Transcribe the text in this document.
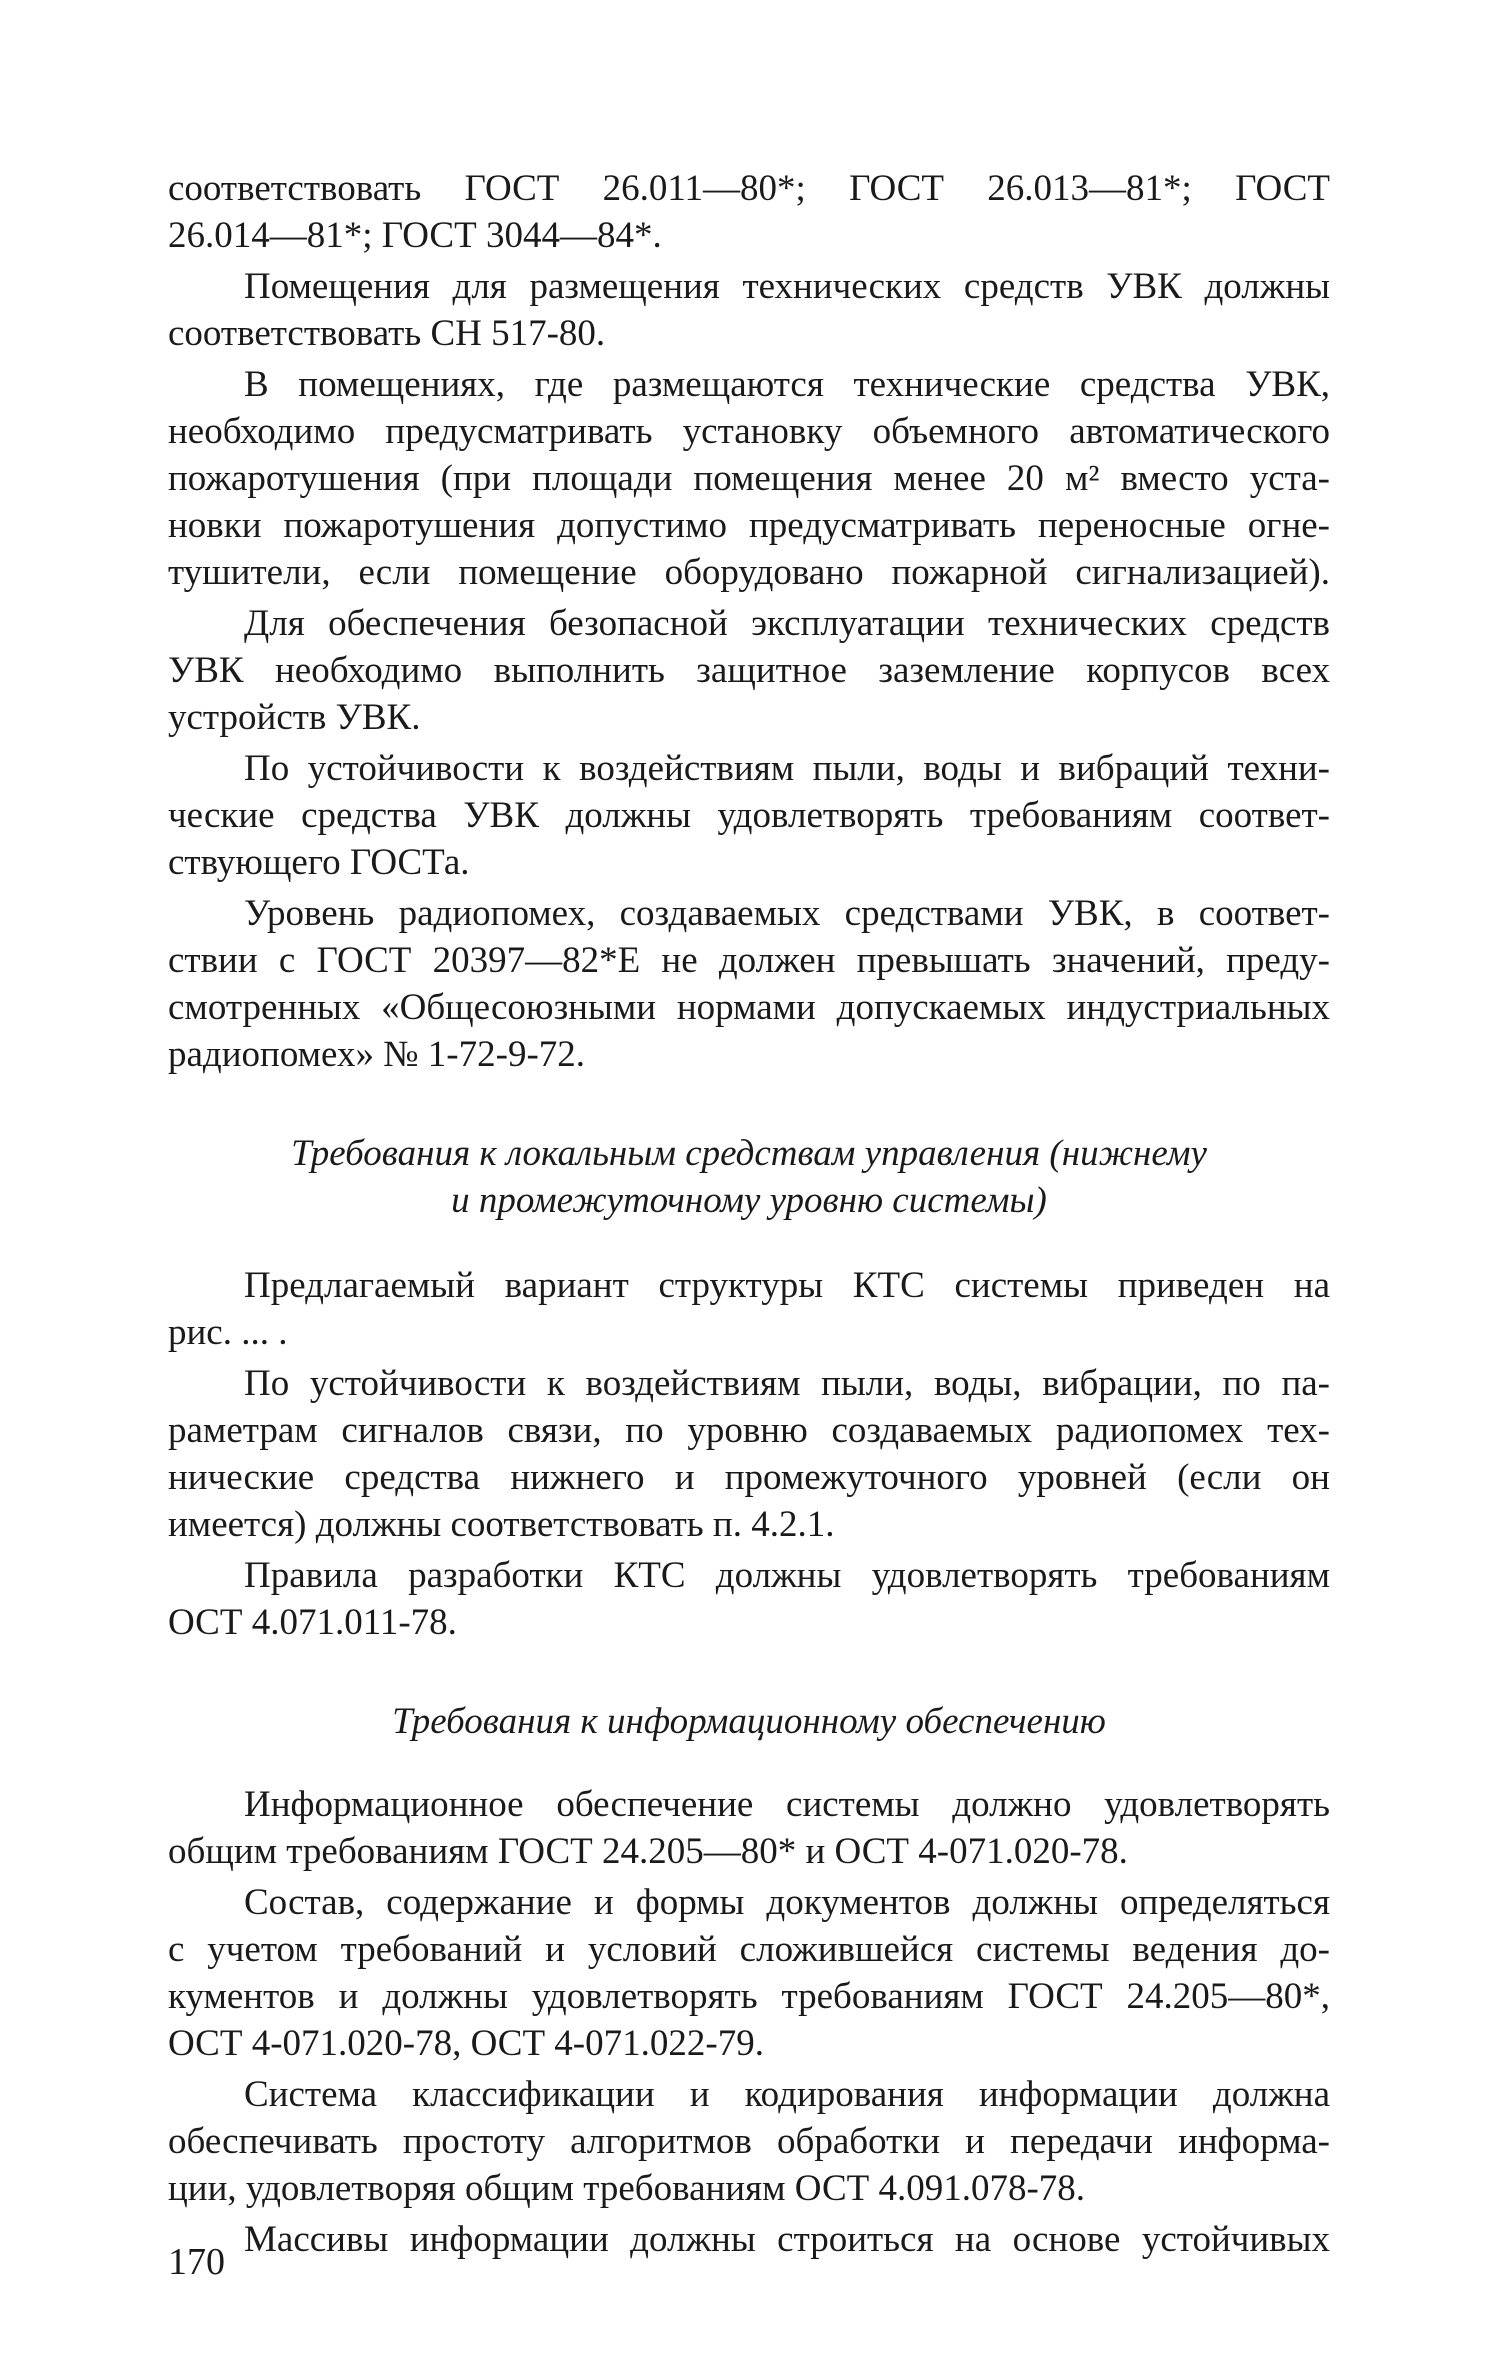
соответствовать ГОСТ 26.011—80*; ГОСТ 26.013—81*; ГОСТ
26.014—81*; ГОСТ 3044—84*.
Помещения для размещения технических средств УВК должны
соответствовать СН 517-80.
В помещениях, где размещаются технические средства УВК,
необходимо предусматривать установку объемного автоматического
пожаротушения (при площади помещения менее 20 м² вместо уста-
новки пожаротушения допустимо предусматривать переносные огне-
тушители, если помещение оборудовано пожарной сигнализацией).
Для обеспечения безопасной эксплуатации технических средств
УВК необходимо выполнить защитное заземление корпусов всех
устройств УВК.
По устойчивости к воздействиям пыли, воды и вибраций техни-
ческие средства УВК должны удовлетворять требованиям соответ-
ствующего ГОСТа.
Уровень радиопомех, создаваемых средствами УВК, в соответ-
ствии с ГОСТ 20397—82*Е не должен превышать значений, преду-
смотренных «Общесоюзными нормами допускаемых индустриальных
радиопомех» № 1-72-9-72.
Требования к локальным средствам управления (нижнему
и промежуточному уровню системы)
Предлагаемый вариант структуры КТС системы приведен на
рис. ... .
По устойчивости к воздействиям пыли, воды, вибрации, по па-
раметрам сигналов связи, по уровню создаваемых радиопомех тех-
нические средства нижнего и промежуточного уровней (если он
имеется) должны соответствовать п. 4.2.1.
Правила разработки КТС должны удовлетворять требованиям
ОСТ 4.071.011-78.
Требования к информационному обеспечению
Информационное обеспечение системы должно удовлетворять
общим требованиям ГОСТ 24.205—80* и ОСТ 4-071.020-78.
Состав, содержание и формы документов должны определяться
с учетом требований и условий сложившейся системы ведения до-
кументов и должны удовлетворять требованиям ГОСТ 24.205—80*,
ОСТ 4-071.020-78, ОСТ 4-071.022-79.
Система классификации и кодирования информации должна
обеспечивать простоту алгоритмов обработки и передачи информа-
ции, удовлетворяя общим требованиям ОСТ 4.091.078-78.
Массивы информации должны строиться на основе устойчивых
170
